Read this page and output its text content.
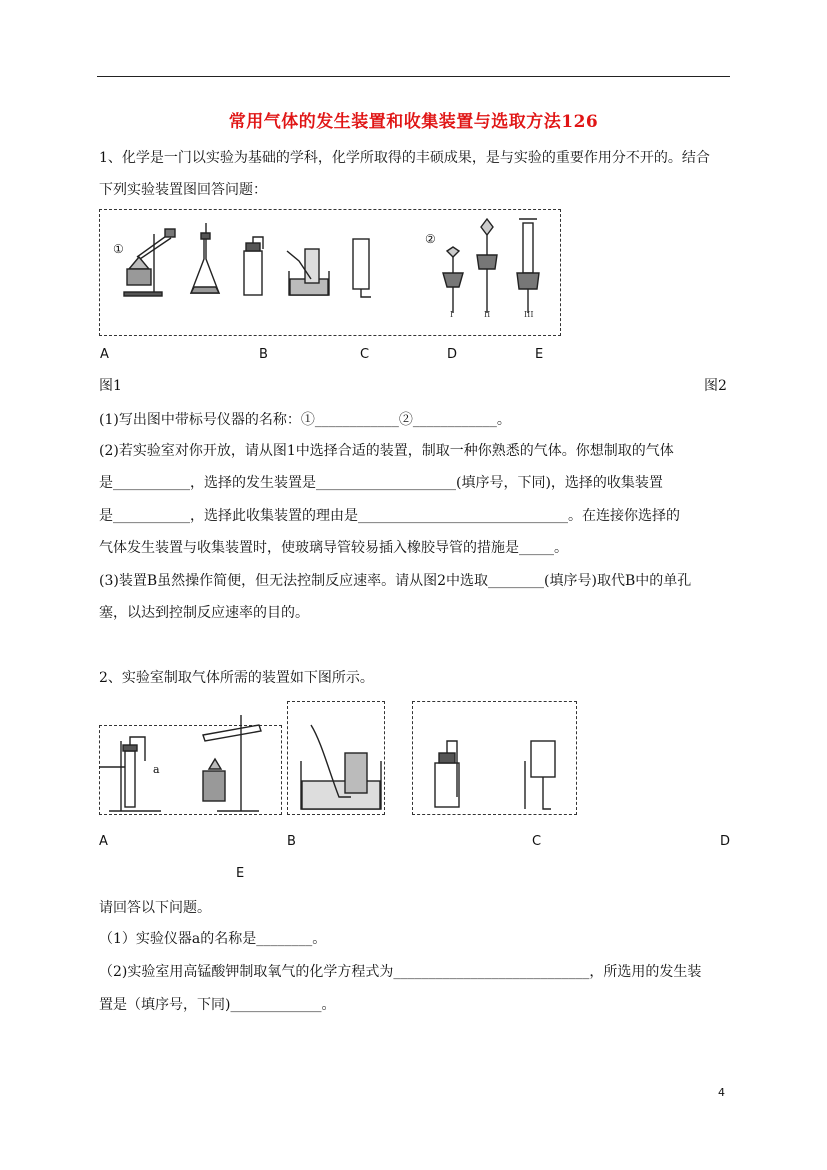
常用气体的发生装置和收集装置与选取方法126
1、化学是一门以实验为基础的学科，化学所取得的丰硕成果，是与实验的重要作用分不开的。结合
下列实验装置图回答问题：
①
②
I	II	III
A	B	C	D	E
图1	图2
(1)写出图中带标号仪器的名称：①____________②____________。
(2)若实验室对你开放，请从图1中选择合适的装置，制取一种你熟悉的气体。你想制取的气体
是___________，选择的发生装置是____________________(填序号，下同)，选择的收集装置
是___________，选择此收集装置的理由是______________________________。在连接你选择的
气体发生装置与收集装置时，使玻璃导管较易插入橡胶导管的措施是_____。
(3)装置B虽然操作简便，但无法控制反应速率。请从图2中选取________(填序号)取代B中的单孔
塞，以达到控制反应速率的目的。
2、实验室制取气体所需的装置如下图所示。
a
A	B	C	D
E
请回答以下问题。
（1）实验仪器a的名称是________。
（2)实验室用高锰酸钾制取氧气的化学方程式为____________________________，所选用的发生装
置是（填序号，下同)_____________。
4
